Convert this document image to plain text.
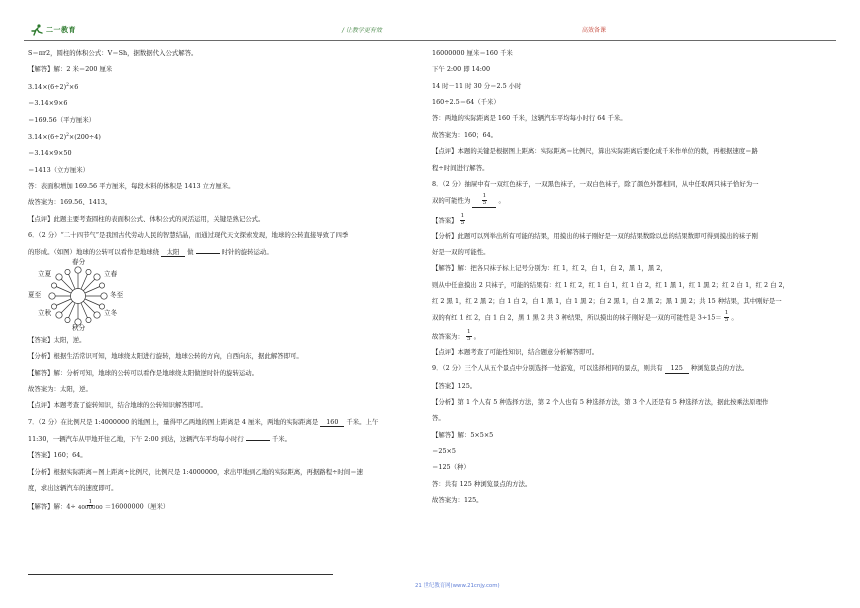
二一教育	/ 让教学更有效	高效备课

S＝πr2，圆柱的体积公式：V＝Sh，据数据代入公式解答。

【解答】解：2 米＝200 厘米

$3.14\times(6\div 2)^2\times 6$

＝3.14×9×6

＝169.56（平方厘米）

$3.14\times(6\div 2)^2\times(200\div 4)$

＝3.14×9×50

＝1413（立方厘米）

答：表面积增加 169.56 平方厘米，每段木料的体积是 1413 立方厘米。

故答案为：169.56、1413。

【点评】此题主要考查圆柱的表面积公式、体积公式的灵活运用，关键是熟记公式。

6．（2 分）“二十四节气”是我国古代劳动人民的智慧结晶，而通过现代天文探索发现，地球的公转直接导致了四季

的形成。（如图）地球的公转可以看作是地球绕 太阳 做	时针的旋转运动。

春分
立夏	立春
夏至	冬至
立秋	立冬
秋分

【答案】太阳，逆。

【分析】根据生活常识可知，地球绕太阳进行旋转，地球公转的方向，自西向东，据此解答即可。

【解答】解：分析可知，地球的公转可以看作是地球绕太阳做逆时针的旋转运动。

故答案为：太阳，逆。

【点评】本题考查了旋转知识，结合地球的公转知识解答即可。

7．（2 分）在比例尺是 1:4000000 的地图上，量得甲乙两地的图上距离是 4 厘米，两地的实际距离是 160 千米。上午

11:30，一辆汽车从甲地开往乙地，下午 2:00 到达，这辆汽车平均每小时行	千米。

【答案】160；64。

【分析】根据实际距离＝图上距离÷比例尺，比例尺是 1:4000000，求出甲地到乙地的实际距离，再据路程÷时间＝速

度，求出这辆汽车的速度即可。

【解答】解：$4\div \frac{1}{4000000} =16000000$（厘米）

16000000 厘米＝160 千米

下午 2:00 即 14:00

14 时－11 时 30 分＝2.5 小时

160÷2.5＝64（千米）

答：两地的实际距离是 160 千米，这辆汽车平均每小时行 64 千米。

故答案为：160；64。

【点评】本题的关键是根据图上距离：实际距离＝比例尺，算出实际距离后要化成千米作单位的数，再根据速度＝路

程÷时间进行解答。

8．（2 分）抽屉中有一双红色袜子，一双黑色袜子，一双白色袜子，除了颜色外都相同，从中任取两只袜子恰好为一

双的可能性为 $\frac{1}{5}$ 。

【答案】 $\frac{1}{5}$

【分析】此题可以列举出所有可能的结果，用摸出的袜子刚好是一双的结果数除以总的结果数即可得到摸出的袜子刚

好是一双的可能性。

【解答】解：把各只袜子标上记号分别为：红 1，红 2，白 1，白 2，黑 1，黑 2，

则从中任意摸出 2 只袜子，可能的结果有：红 1 红 2，红 1 白 1，红 1 白 2，红 1 黑 1，红 1 黑 2；红 2 白 1，红 2 白 2，

红 2 黑 1，红 2 黑 2；白 1 白 2，白 1 黑 1，白 1 黑 2；白 2 黑 1，白 2 黑 2；黑 1 黑 2；共 15 种结果，其中刚好是一

双的有红 1 红 2，白 1 白 2，黑 1 黑 2 共 3 种结果，所以摸出的袜子刚好是一双的可能性是 $3\div 15= \frac{1}{5}$ 。

故答案为： $\frac{1}{5}$ 。

【点评】本题考查了可能性知识，结合题意分析解答即可。

9．（2 分）三个人从五个景点中分别选择一处游览，可以选择相同的景点，则共有 125 种浏览景点的方法。

【答案】125。

【分析】第 1 个人有 5 种选择方法，第 2 个人也有 5 种选择方法，第 3 个人还是有 5 种选择方法，据此按乘法原理作

答。

【解答】解：5×5×5

＝25×5

＝125（种）

答：共有 125 种浏览景点的方法。

故答案为：125。

21 世纪教育网(www.21cnjy.com)
